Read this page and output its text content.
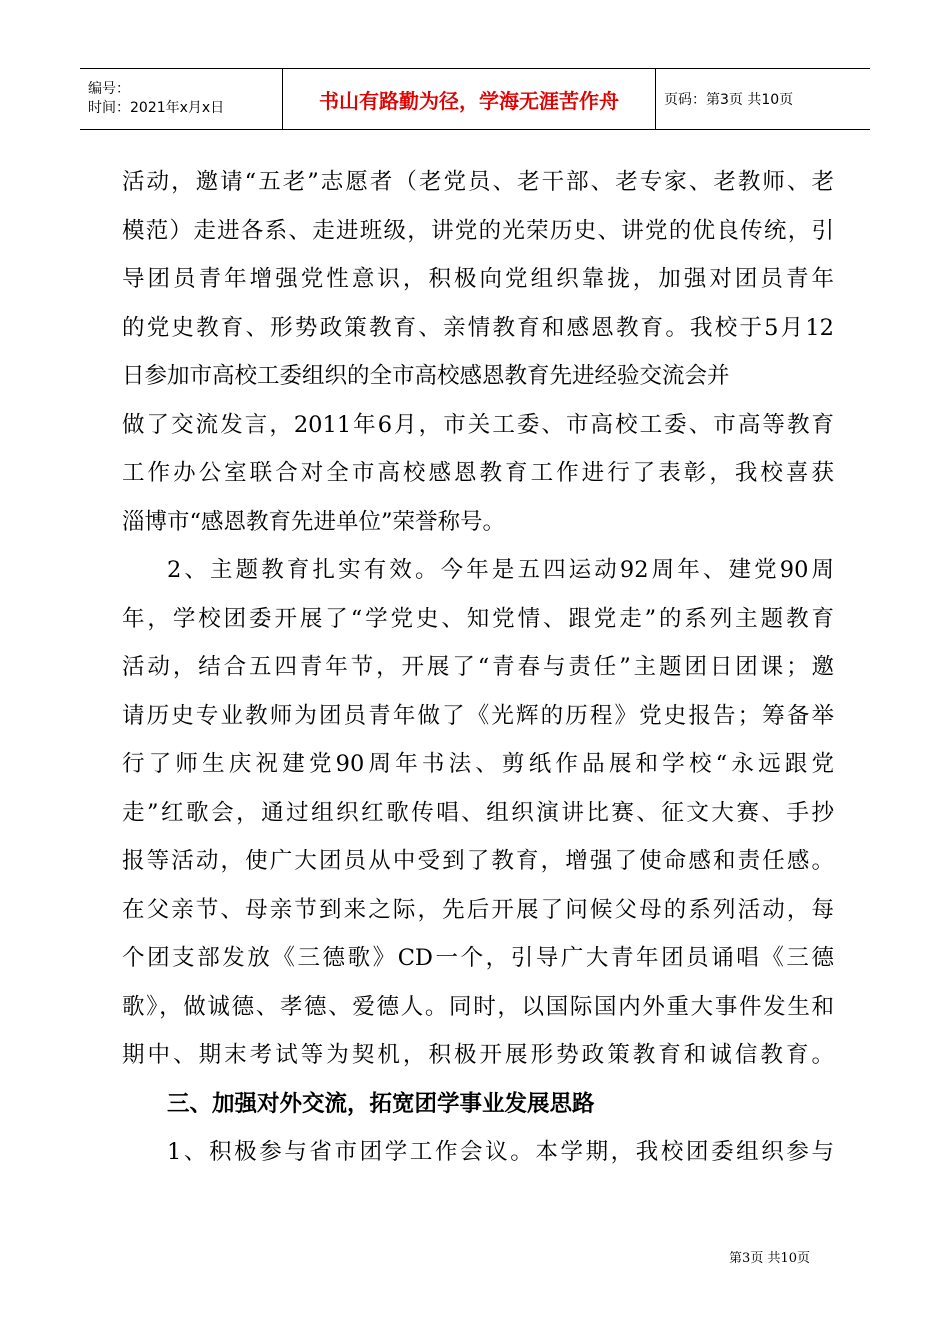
编号：
时间：2021年x月x日	书山有路勤为径，学海无涯苦作舟	页码：第3页 共10页
活动，邀请“五老”志愿者（老党员、老干部、老专家、老教师、老
模范）走进各系、走进班级，讲党的光荣历史、讲党的优良传统，引
导团员青年增强党性意识，积极向党组织靠拢，加强对团员青年
的党史教育、形势政策教育、亲情教育和感恩教育。我校于5月12
日参加市高校工委组织的全市高校感恩教育先进经验交流会并
做了交流发言，2011年6月，市关工委、市高校工委、市高等教育
工作办公室联合对全市高校感恩教育工作进行了表彰，我校喜获
淄博市“感恩教育先进单位”荣誉称号。
2、主题教育扎实有效。今年是五四运动92周年、建党90周
年，学校团委开展了“学党史、知党情、跟党走”的系列主题教育
活动，结合五四青年节，开展了“青春与责任”主题团日团课；邀
请历史专业教师为团员青年做了《光辉的历程》党史报告；筹备举
行了师生庆祝建党90周年书法、剪纸作品展和学校“永远跟党
走”红歌会，通过组织红歌传唱、组织演讲比赛、征文大赛、手抄
报等活动，使广大团员从中受到了教育，增强了使命感和责任感。
在父亲节、母亲节到来之际，先后开展了问候父母的系列活动，每
个团支部发放《三德歌》CD一个，引导广大青年团员诵唱《三德
歌》，做诚德、孝德、爱德人。同时，以国际国内外重大事件发生和
期中、期末考试等为契机，积极开展形势政策教育和诚信教育。
三、加强对外交流，拓宽团学事业发展思路
1、积极参与省市团学工作会议。本学期，我校团委组织参与
第3页 共10页
